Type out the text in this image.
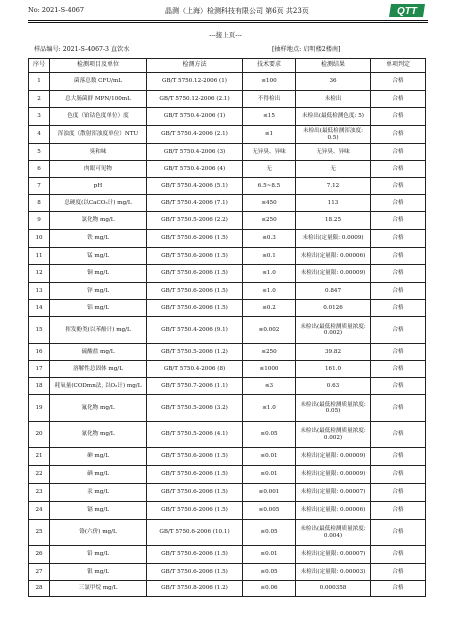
No: 2021-S-4067	晶测（上海）检测科技有限公司 第6页 共23页	QTT
---接上页---
样品编号: 2021-S-4067-3 直饮水	[抽样地点: 启明楼2楼南]
序号	检测项目及单位	检测方法	技术要求	检测结果	单项判定
1	菌落总数 CFU/mL	GB/T 5750.12-2006 (1)	≤100	36	合格
2	总大肠菌群 MPN/100mL	GB/T 5750.12-2006 (2.1)	不得检出	未检出	合格
3	色度（铂钴色度单位）度	GB/T 5750.4-2006 (1)	≤15	未检出(最低检测色度: 5)	合格
4	浑浊度（散射浑浊度单位）NTU	GB/T 5750.4-2006 (2.1)	≤1	未检出(最低检测浑浊度: 0.5)	合格
5	臭和味	GB/T 5750.4-2006 (3)	无异臭、异味	无异臭、异味	合格
6	肉眼可见物	GB/T 5750.4-2006 (4)	无	无	合格
7	pH	GB/T 5750.4-2006 (5.1)	6.5~8.5	7.12	合格
8	总硬度(以CaCO₃计) mg/L	GB/T 5750.4-2006 (7.1)	≤450	113	合格
9	氯化物 mg/L	GB/T 5750.5-2006 (2.2)	≤250	18.25	合格
10	铁 mg/L	GB/T 5750.6-2006 (1.5)	≤0.3	未检出(定量限: 0.0009)	合格
11	锰 mg/L	GB/T 5750.6-2006 (1.5)	≤0.1	未检出(定量限: 0.00006)	合格
12	铜 mg/L	GB/T 5750.6-2006 (1.5)	≤1.0	未检出(定量限: 0.00009)	合格
13	锌 mg/L	GB/T 5750.6-2006 (1.5)	≤1.0	0.847	合格
14	铝 mg/L	GB/T 5750.6-2006 (1.5)	≤0.2	0.0126	合格
15	挥发酚类(以苯酚计) mg/L	GB/T 5750.4-2006 (9.1)	≤0.002	未检出(最低检测质量浓度: 0.002)	合格
16	硫酸盐 mg/L	GB/T 5750.5-2006 (1.2)	≤250	39.82	合格
17	溶解性总固体 mg/L	GB/T 5750.4-2006 (8)	≤1000	161.0	合格
18	耗氧量(CODmn法, 以O₂计) mg/L	GB/T 5750.7-2006 (1.1)	≤3	0.63	合格
19	氟化物 mg/L	GB/T 5750.5-2006 (3.2)	≤1.0	未检出(最低检测质量浓度: 0.05)	合格
20	氰化物 mg/L	GB/T 5750.5-2006 (4.1)	≤0.05	未检出(最低检测质量浓度: 0.002)	合格
21	砷 mg/L	GB/T 5750.6-2006 (1.5)	≤0.01	未检出(定量限: 0.00009)	合格
22	硒 mg/L	GB/T 5750.6-2006 (1.5)	≤0.01	未检出(定量限: 0.00009)	合格
23	汞 mg/L	GB/T 5750.6-2006 (1.5)	≤0.001	未检出(定量限: 0.00007)	合格
24	镉 mg/L	GB/T 5750.6-2006 (1.5)	≤0.005	未检出(定量限: 0.00006)	合格
25	铬(六价) mg/L	GB/T 5750.6-2006 (10.1)	≤0.05	未检出(最低检测质量浓度: 0.004)	合格
26	铅 mg/L	GB/T 5750.6-2006 (1.5)	≤0.01	未检出(定量限: 0.00007)	合格
27	银 mg/L	GB/T 5750.6-2006 (1.5)	≤0.05	未检出(定量限: 0.00003)	合格
28	三氯甲烷 mg/L	GB/T 5750.8-2006 (1.2)	≤0.06	0.000358	合格
